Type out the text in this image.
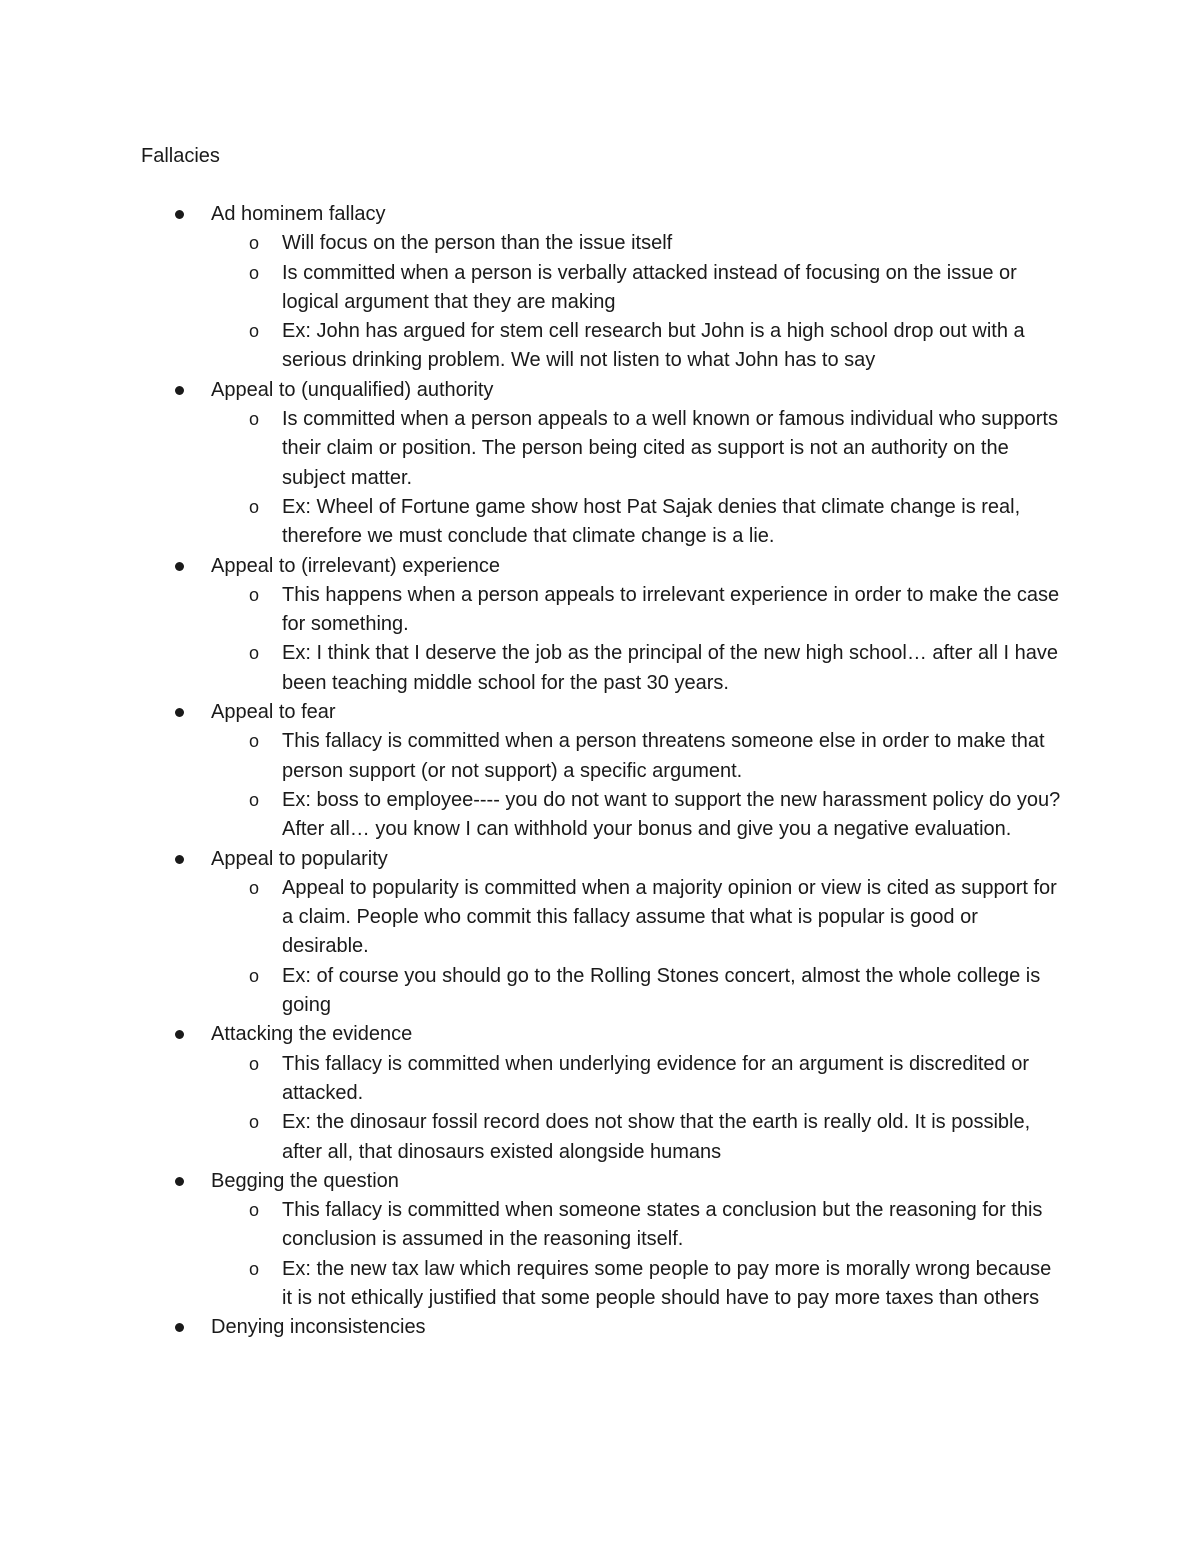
Fallacies
Ad hominem fallacy
o Will focus on the person than the issue itself
o Is committed when a person is verbally attacked instead of focusing on the issue or logical argument that they are making
o Ex: John has argued for stem cell research but John is a high school drop out with a serious drinking problem. We will not listen to what John has to say
Appeal to (unqualified) authority
o Is committed when a person appeals to a well known or famous individual who supports their claim or position. The person being cited as support is not an authority on the subject matter.
o Ex: Wheel of Fortune game show host Pat Sajak denies that climate change is real, therefore we must conclude that climate change is a lie.
Appeal to (irrelevant) experience
o This happens when a person appeals to irrelevant experience in order to make the case for something.
o Ex: I think that I deserve the job as the principal of the new high school… after all I have been teaching middle school for the past 30 years.
Appeal to fear
o This fallacy is committed when a person threatens someone else in order to make that person support (or not support) a specific argument.
o Ex: boss to employee---- you do not want to support the new harassment policy do you? After all… you know I can withhold your bonus and give you a negative evaluation.
Appeal to popularity
o Appeal to popularity is committed when a majority opinion or view is cited as support for a claim. People who commit this fallacy assume that what is popular is good or desirable.
o Ex: of course you should go to the Rolling Stones concert, almost the whole college is going
Attacking the evidence
o This fallacy is committed when underlying evidence for an argument is discredited or attacked.
o Ex: the dinosaur fossil record does not show that the earth is really old. It is possible, after all, that dinosaurs existed alongside humans
Begging the question
o This fallacy is committed when someone states a conclusion but the reasoning for this conclusion is assumed in the reasoning itself.
o Ex: the new tax law which requires some people to pay more is morally wrong because it is not ethically justified that some people should have to pay more taxes than others
Denying inconsistencies
